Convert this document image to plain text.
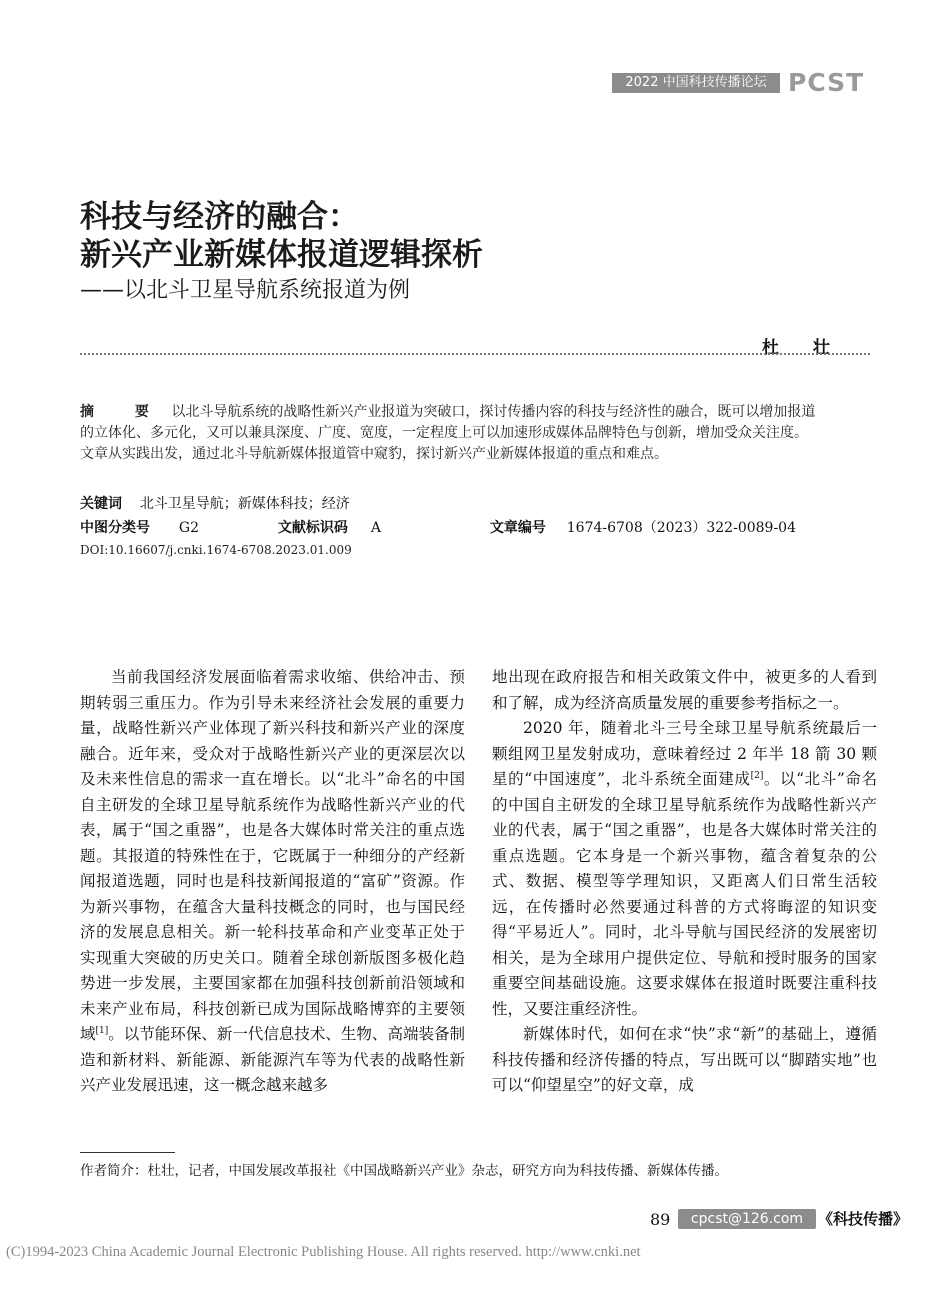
2022 中国科技传播论坛 PCST
科技与经济的融合：
新兴产业新媒体报道逻辑探析
——以北斗卫星导航系统报道为例
杜 壮
摘 要 以北斗导航系统的战略性新兴产业报道为突破口，探讨传播内容的科技与经济性的融合，既可以增加报道的立体化、多元化，又可以兼具深度、广度、宽度，一定程度上可以加速形成媒体品牌特色与创新，增加受众关注度。文章从实践出发，通过北斗导航新媒体报道管中窥豹，探讨新兴产业新媒体报道的重点和难点。
关键词 北斗卫星导航；新媒体科技；经济
中图分类号 G2	文献标识码 A	文章编号 1674-6708（2023）322-0089-04
DOI:10.16607/j.cnki.1674-6708.2023.01.009

当前我国经济发展面临着需求收缩、供给冲击、预期转弱三重压力。作为引导未来经济社会发展的重要力量，战略性新兴产业体现了新兴科技和新兴产业的深度融合。近年来，受众对于战略性新兴产业的更深层次以及未来性信息的需求一直在增长。以“北斗”命名的中国自主研发的全球卫星导航系统作为战略性新兴产业的代表，属于“国之重器”，也是各大媒体时常关注的重点选题。其报道的特殊性在于，它既属于一种细分的产经新闻报道选题，同时也是科技新闻报道的“富矿”资源。作为新兴事物，在蕴含大量科技概念的同时，也与国民经济的发展息息相关。新一轮科技革命和产业变革正处于实现重大突破的历史关口。随着全球创新版图多极化趋势进一步发展，主要国家都在加强科技创新前沿领域和未来产业布局，科技创新已成为国际战略博弈的主要领域[1]。以节能环保、新一代信息技术、生物、高端装备制造和新材料、新能源、新能源汽车等为代表的战略性新兴产业发展迅速，这一概念越来越多

地出现在政府报告和相关政策文件中，被更多的人看到和了解，成为经济高质量发展的重要参考指标之一。

2020 年，随着北斗三号全球卫星导航系统最后一颗组网卫星发射成功，意味着经过 2 年半 18 箭 30 颗星的“中国速度”，北斗系统全面建成[2]。以“北斗”命名的中国自主研发的全球卫星导航系统作为战略性新兴产业的代表，属于“国之重器”，也是各大媒体时常关注的重点选题。它本身是一个新兴事物，蕴含着复杂的公式、数据、模型等学理知识，又距离人们日常生活较远，在传播时必然要通过科普的方式将晦涩的知识变得“平易近人”。同时，北斗导航与国民经济的发展密切相关，是为全球用户提供定位、导航和授时服务的国家重要空间基础设施。这要求媒体在报道时既要注重科技性，又要注重经济性。

新媒体时代，如何在求“快”求“新”的基础上，遵循科技传播和经济传播的特点，写出既可以“脚踏实地”也可以“仰望星空”的好文章，成

作者简介：杜壮，记者，中国发展改革报社《中国战略新兴产业》杂志，研究方向为科技传播、新媒体传播。
89	cpcst@126.com 《科技传播》
(C)1994-2023 China Academic Journal Electronic Publishing House. All rights reserved. http://www.cnki.net
